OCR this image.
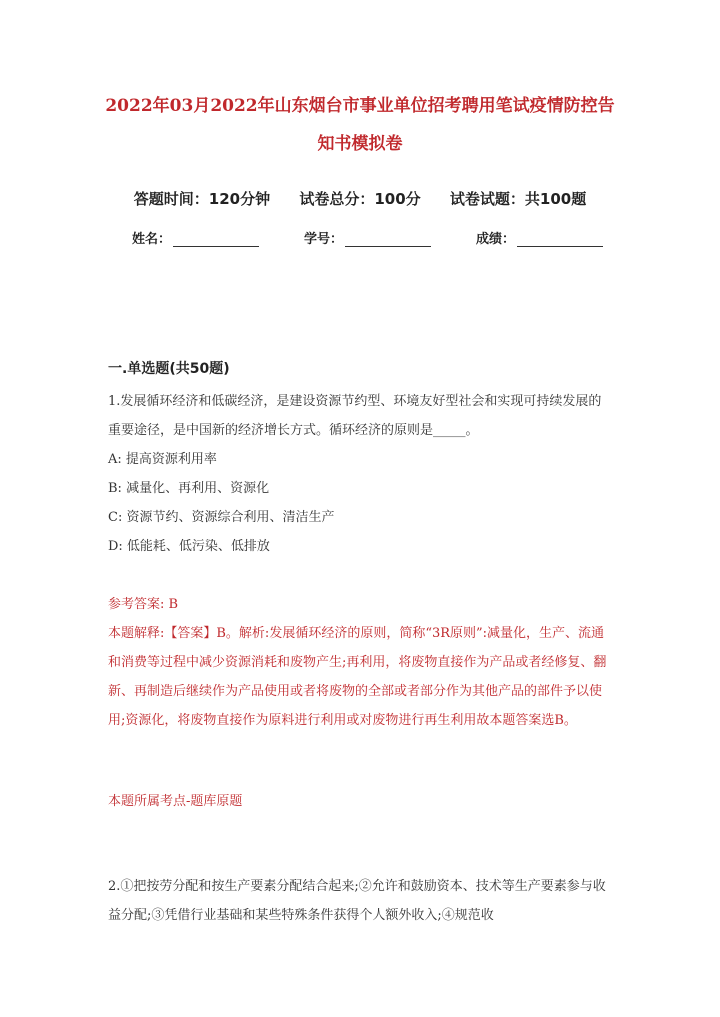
2022年03月2022年山东烟台市事业单位招考聘用笔试疫情防控告
知书模拟卷
答题时间：120分钟 试卷总分：100分 试卷试题：共100题
姓名：	学号：	成绩：
一.单选题(共50题)
1.发展循环经济和低碳经济，是建设资源节约型、环境友好型社会和实现可持续发展的重要途径，是中国新的经济增长方式。循环经济的原则是_____。
A: 提高资源利用率
B: 减量化、再利用、资源化
C: 资源节约、资源综合利用、清洁生产
D: 低能耗、低污染、低排放
参考答案: B
本题解释:【答案】B。解析:发展循环经济的原则，简称“3R原则”:减量化，生产、流通和消费等过程中减少资源消耗和废物产生;再利用，将废物直接作为产品或者经修复、翻新、再制造后继续作为产品使用或者将废物的全部或者部分作为其他产品的部件予以使用;资源化，将废物直接作为原料进行利用或对废物进行再生利用故本题答案选B。
本题所属考点-题库原题
2.①把按劳分配和按生产要素分配结合起来;②允许和鼓励资本、技术等生产要素参与收益分配;③凭借行业基础和某些特殊条件获得个人额外收入;④规范收
